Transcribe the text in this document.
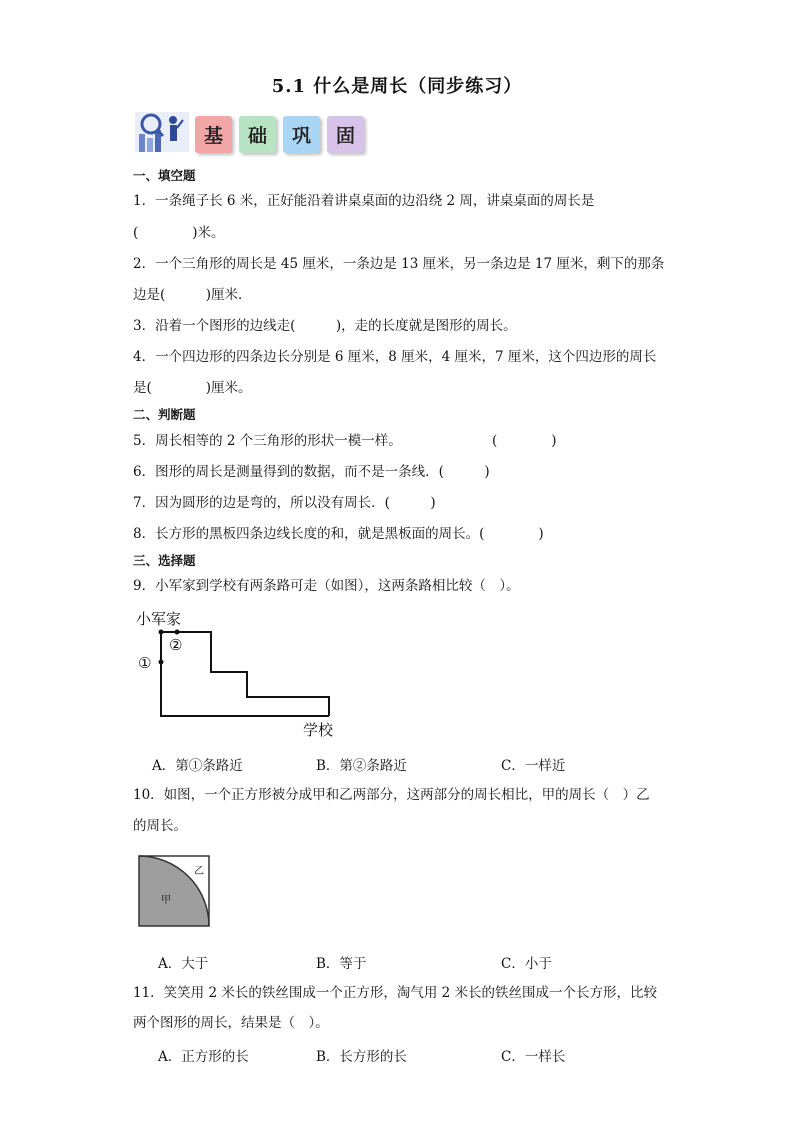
5.1 什么是周长（同步练习）
基	础	巩	固
一、填空题
1．一条绳子长 6 米，正好能沿着讲桌桌面的边沿绕 2 周，讲桌桌面的周长是
(　　　　)米。
2．一个三角形的周长是 45 厘米，一条边是 13 厘米，另一条边是 17 厘米，剩下的那条
边是(　　　)厘米．
3．沿着一个图形的边线走(　　　)，走的长度就是图形的周长。
4．一个四边形的四条边长分别是 6 厘米，8 厘米，4 厘米，7 厘米，这个四边形的周长
是(　　　　)厘米。
二、判断题
5．周长相等的 2 个三角形的形状一模一样。	(　　　　)
6．图形的周长是测量得到的数据，而不是一条线．(　　　)
7．因为圆形的边是弯的，所以没有周长．(　　　)
8．长方形的黑板四条边线长度的和，就是黑板面的周长。(　　　　)
三、选择题
9．小军家到学校有两条路可走（如图），这两条路相比较（　）。
小军家
学校
①
②
A．第①条路近	B．第②条路近	C．一样近
10．如图，一个正方形被分成甲和乙两部分，这两部分的周长相比，甲的周长（　）乙
的周长。
甲
乙
A．大于	B．等于	C．小于
11．笑笑用 2 米长的铁丝围成一个正方形，淘气用 2 米长的铁丝围成一个长方形，比较
两个图形的周长，结果是（　）。
A．正方形的长	B．长方形的长	C．一样长
